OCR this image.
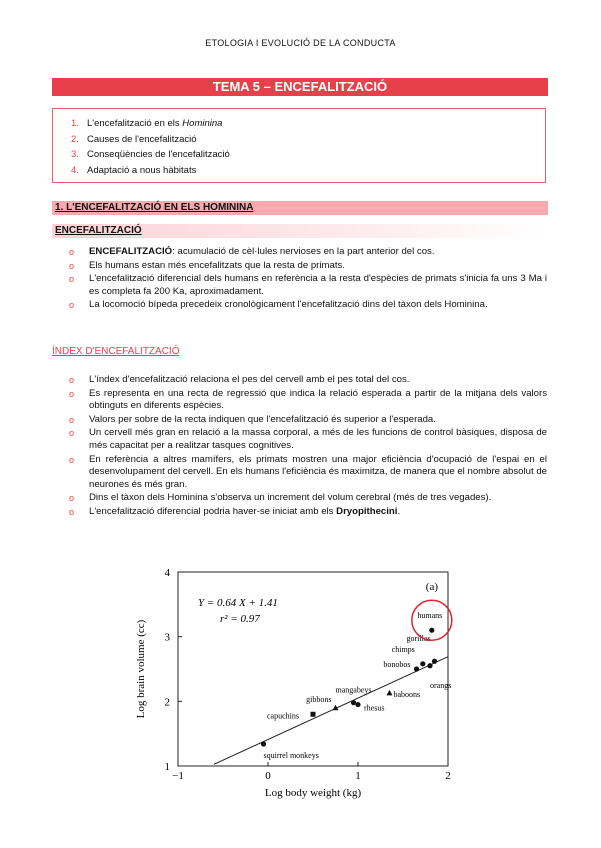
ETOLOGIA I EVOLUCIÓ DE LA CONDUCTA
TEMA 5 – ENCEFALITZACIÓ
1. L'encefalització en els Hominina
2. Causes de l'encefalització
3. Conseqüències de l'encefalització
4. Adaptació a nous hàbitats
1. L'ENCEFALITZACIÓ EN ELS HOMININA
ENCEFALITZACIÓ
o ENCEFALITZACIÓ: acumulació de cèl·lules nervioses en la part anterior del cos.
o Els humans estan més encefalitzats que la resta de primats.
o L'encefalització diferencial dels humans en referència a la resta d'espècies de primats s'inicia fa uns 3 Ma i es completa fa 200 Ka, aproximadament.
o La locomoció bípeda precedeix cronològicament l'encefalització dins del tàxon dels Hominina.
ÍNDEX D'ENCEFALITZACIÓ
o L'índex d'encefalització relaciona el pes del cervell amb el pes total del cos.
o Es representa en una recta de regressió que indica la relació esperada a partir de la mitjana dels valors obtinguts en diferents espècies.
o Valors per sobre de la recta indiquen que l'encefalització és superior a l'esperada.
o Un cervell més gran en relació a la massa corporal, a més de les funcions de control bàsiques, disposa de més capacitat per a realitzar tasques cognitives.
o En referència a altres mamífers, els primats mostren una major eficiència d'ocupació de l'espai en el desenvolupament del cervell. En els humans l'eficiència és maximitza, de manera que el nombre absolut de neurones és més gran.
o Dins el tàxon dels Hominina s'observa un increment del volum cerebral (més de tres vegades).
o L'encefalització diferencial podria haver-se iniciat amb els Dryopithecini.
−1	0	1	2
1
2
3
4
Log body weight (kg)
Log brain volume (cc)
(a)
Y = 0.64 X + 1.41
r² = 0.97
squirrel monkeys
capuchins
gibbons
mangabeys
rhesus
baboons
bonobos
chimps
gorillas
orangs
humans
